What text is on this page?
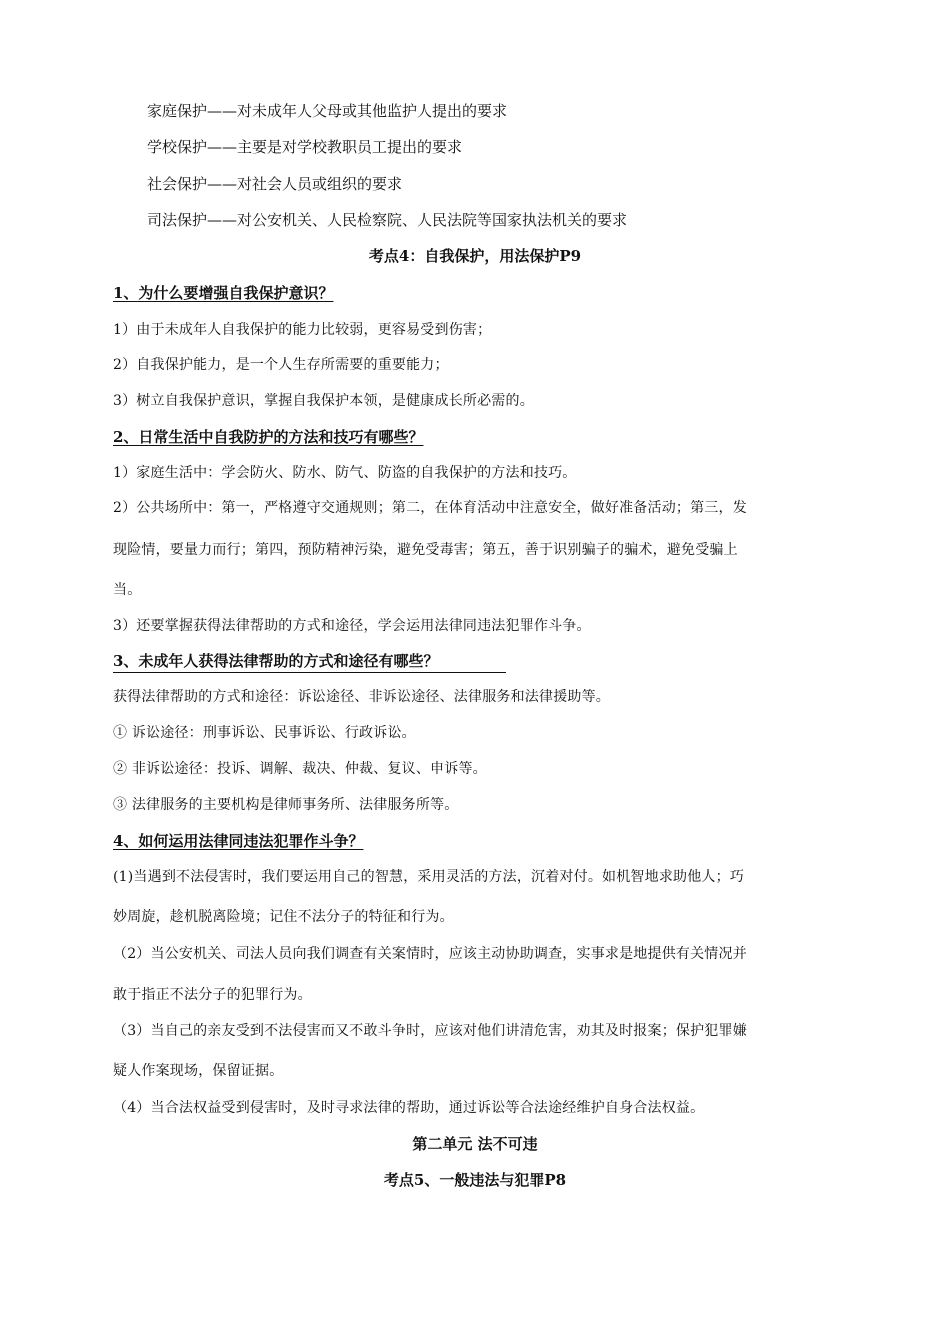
家庭保护——对未成年人父母或其他监护人提出的要求
学校保护——主要是对学校教职员工提出的要求
社会保护——对社会人员或组织的要求
司法保护——对公安机关、人民检察院、人民法院等国家执法机关的要求
考点4：自我保护，用法保护P9
1、为什么要增强自我保护意识？
1）由于未成年人自我保护的能力比较弱，更容易受到伤害；
2）自我保护能力，是一个人生存所需要的重要能力；
3）树立自我保护意识，掌握自我保护本领，是健康成长所必需的。
2、日常生活中自我防护的方法和技巧有哪些？
1）家庭生活中：学会防火、防水、防气、防盗的自我保护的方法和技巧。
2）公共场所中：第一，严格遵守交通规则；第二，在体育活动中注意安全，做好准备活动；第三，发
现险情，要量力而行；第四，预防精神污染，避免受毒害；第五，善于识别骗子的骗术，避免受骗上
当。
3）还要掌握获得法律帮助的方式和途径，学会运用法律同违法犯罪作斗争。
3、未成年人获得法律帮助的方式和途径有哪些？
获得法律帮助的方式和途径：诉讼途径、非诉讼途径、法律服务和法律援助等。
① 诉讼途径：刑事诉讼、民事诉讼、行政诉讼。
② 非诉讼途径：投诉、调解、裁决、仲裁、复议、申诉等。
③ 法律服务的主要机构是律师事务所、法律服务所等。
4、如何运用法律同违法犯罪作斗争？
(1)当遇到不法侵害时，我们要运用自己的智慧，采用灵活的方法，沉着对付。如机智地求助他人；巧
妙周旋，趁机脱离险境；记住不法分子的特征和行为。
（2）当公安机关、司法人员向我们调查有关案情时，应该主动协助调查，实事求是地提供有关情况并
敢于指正不法分子的犯罪行为。
（3）当自己的亲友受到不法侵害而又不敢斗争时，应该对他们讲清危害，劝其及时报案；保护犯罪嫌
疑人作案现场，保留证据。
（4）当合法权益受到侵害时，及时寻求法律的帮助，通过诉讼等合法途经维护自身合法权益。
第二单元 法不可违
考点5、一般违法与犯罪P8
